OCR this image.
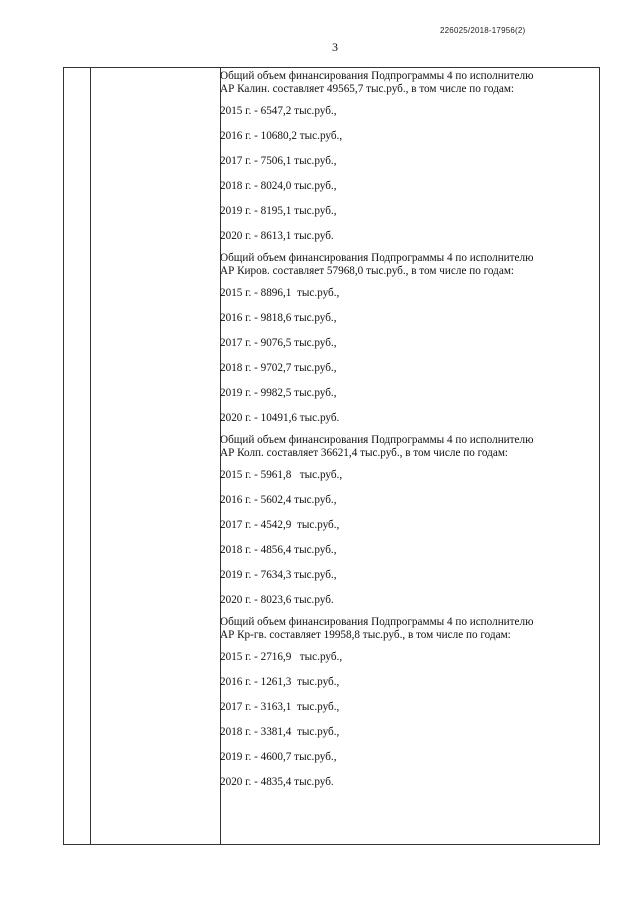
226025/2018-17956(2)
3
Общий объем финансирования Подпрограммы 4 по исполнителю
АР Калин. составляет 49565,7 тыс.руб., в том числе по годам:
2015 г. - 6547,2 тыс.руб.,
2016 г. - 10680,2 тыс.руб.,
2017 г. - 7506,1 тыс.руб.,
2018 г. - 8024,0 тыс.руб.,
2019 г. - 8195,1 тыс.руб.,
2020 г. - 8613,1 тыс.руб.
Общий объем финансирования Подпрограммы 4 по исполнителю
АР Киров. составляет 57968,0 тыс.руб., в том числе по годам:
2015 г. - 8896,1  тыс.руб.,
2016 г. - 9818,6 тыс.руб.,
2017 г. - 9076,5 тыс.руб.,
2018 г. - 9702,7 тыс.руб.,
2019 г. - 9982,5 тыс.руб.,
2020 г. - 10491,6 тыс.руб.
Общий объем финансирования Подпрограммы 4 по исполнителю
АР Колп. составляет 36621,4 тыс.руб., в том числе по годам:
2015 г. - 5961,8   тыс.руб.,
2016 г. - 5602,4 тыс.руб.,
2017 г. - 4542,9  тыс.руб.,
2018 г. - 4856,4 тыс.руб.,
2019 г. - 7634,3 тыс.руб.,
2020 г. - 8023,6 тыс.руб.
Общий объем финансирования Подпрограммы 4 по исполнителю
АР Кр-гв. составляет 19958,8 тыс.руб., в том числе по годам:
2015 г. - 2716,9   тыс.руб.,
2016 г. - 1261,3  тыс.руб.,
2017 г. - 3163,1  тыс.руб.,
2018 г. - 3381,4  тыс.руб.,
2019 г. - 4600,7 тыс.руб.,
2020 г. - 4835,4 тыс.руб.
